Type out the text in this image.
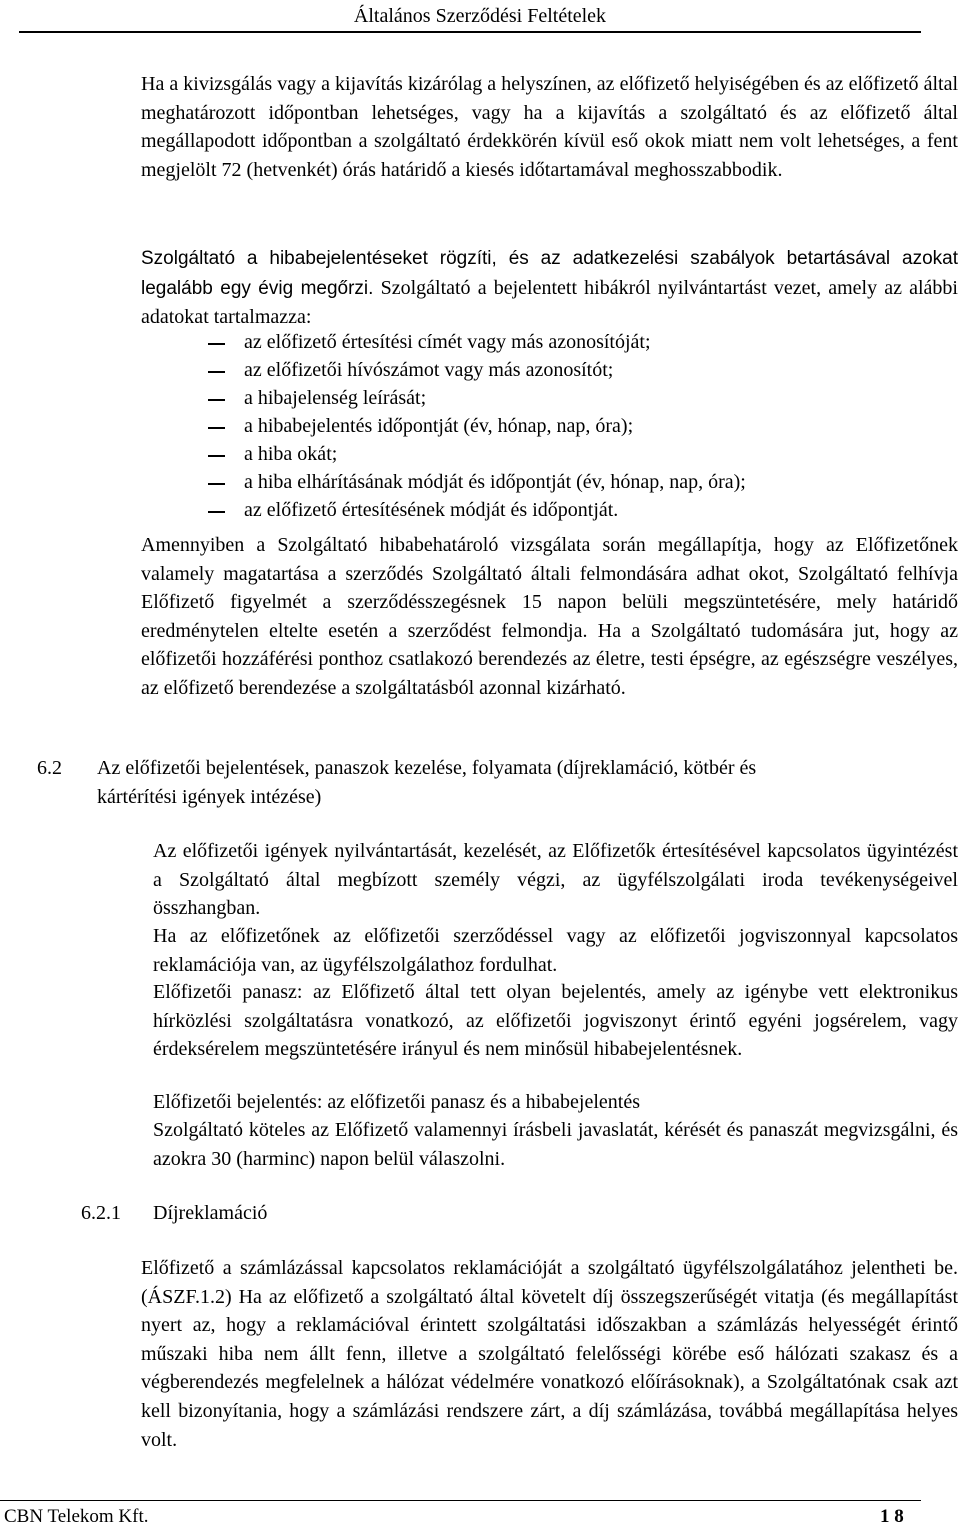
Általános Szerződési Feltételek
Ha a kivizsgálás vagy a kijavítás kizárólag a helyszínen, az előfizető helyiségében és az előfizető által meghatározott időpontban lehetséges, vagy ha a kijavítás a szolgáltató és az előfizető által megállapodott időpontban a szolgáltató érdekkörén kívül eső okok miatt nem volt lehetséges, a fent megjelölt 72 (hetvenkét) órás határidő a kiesés időtartamával meghosszabbodik.
Szolgáltató a hibabejelentéseket rögzíti, és az adatkezelési szabályok betartásával azokat legalább egy évig megőrzi. Szolgáltató a bejelentett hibákról nyilvántartást vezet, amely az alábbi adatokat tartalmazza:
az előfizető értesítési címét vagy más azonosítóját;
az előfizetői hívószámot vagy más azonosítót;
a hibajelenség leírását;
a hibabejelentés időpontját (év, hónap, nap, óra);
a hiba okát;
a hiba elhárításának módját és időpontját (év, hónap, nap, óra);
az előfizető értesítésének módját és időpontját.
Amennyiben a Szolgáltató hibabehatároló vizsgálata során megállapítja, hogy az Előfizetőnek valamely magatartása a szerződés Szolgáltató általi felmondására adhat okot, Szolgáltató felhívja Előfizető figyelmét a szerződésszegésnek 15 napon belüli megszüntetésére, mely határidő eredménytelen eltelte esetén a szerződést felmondja. Ha a Szolgáltató tudomására jut, hogy az előfizetői hozzáférési ponthoz csatlakozó berendezés az életre, testi épségre, az egészségre veszélyes, az előfizető berendezése a szolgáltatásból azonnal kizárható.
6.2 Az előfizetői bejelentések, panaszok kezelése, folyamata (díjreklamáció, kötbér és
kártérítési igények intézése)
Az előfizetői igények nyilvántartását, kezelését, az Előfizetők értesítésével kapcsolatos ügyintézést a Szolgáltató által megbízott személy végzi, az ügyfélszolgálati iroda tevékenységeivel összhangban.
Ha az előfizetőnek az előfizetői szerződéssel vagy az előfizetői jogviszonnyal kapcsolatos reklamációja van, az ügyfélszolgálathoz fordulhat.
Előfizetői panasz: az Előfizető által tett olyan bejelentés, amely az igénybe vett elektronikus hírközlési szolgáltatásra vonatkozó, az előfizetői jogviszonyt érintő egyéni jogsérelem, vagy érdeksérelem megszüntetésére irányul és nem minősül hibabejelentésnek.
Előfizetői bejelentés: az előfizetői panasz és a hibabejelentés
Szolgáltató köteles az Előfizető valamennyi írásbeli javaslatát, kérését és panaszát megvizsgálni, és azokra 30 (harminc) napon belül válaszolni.
6.2.1 Díjreklamáció
Előfizető a számlázással kapcsolatos reklamációját a szolgáltató ügyfélszolgálatához jelentheti be. (ÁSZF.1.2) Ha az előfizető a szolgáltató által követelt díj összegszerűségét vitatja (és megállapítást nyert az, hogy a reklamációval érintett szolgáltatási időszakban a számlázás helyességét érintő műszaki hiba nem állt fenn, illetve a szolgáltató felelősségi körébe eső hálózati szakasz és a végberendezés megfelelnek a hálózat védelmére vonatkozó előírásoknak), a Szolgáltatónak csak azt kell bizonyítania, hogy a számlázási rendszere zárt, a díj számlázása, továbbá megállapítása helyes volt.
CBN Telekom Kft.	1 8
